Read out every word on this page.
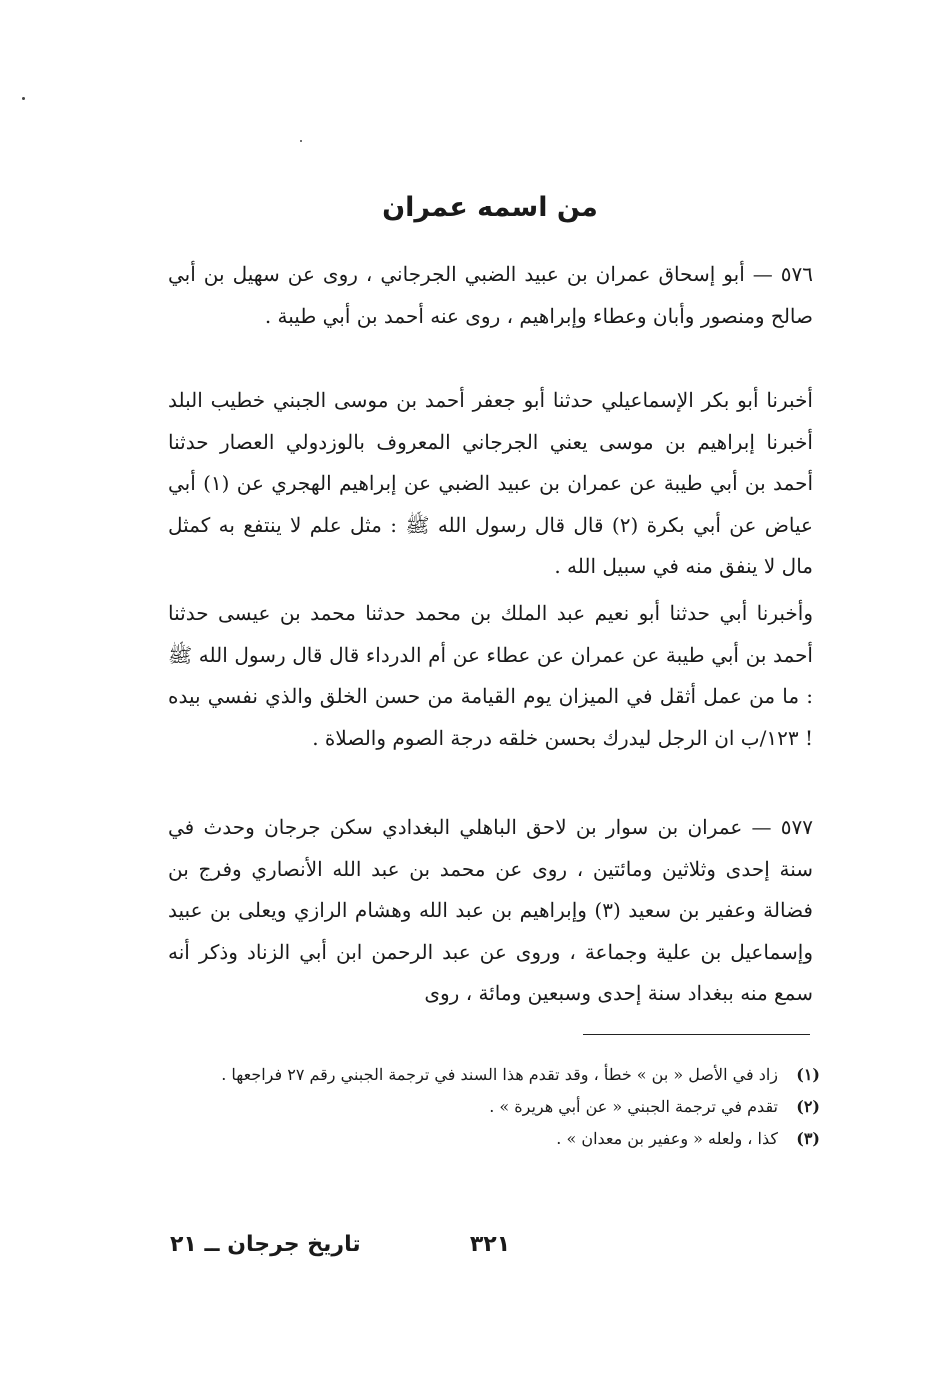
من اسمه عمران
٥٧٦ — أبو إسحاق عمران بن عبيد الضبي الجرجاني ، روى عن سهيل بن أبي صالح ومنصور وأبان وعطاء وإبراهيم ، روى عنه أحمد بن أبي طيبة .
أخبرنا أبو بكر الإسماعيلي حدثنا أبو جعفر أحمد بن موسى الجبني خطيب البلد أخبرنا إبراهيم بن موسى يعني الجرجاني المعروف بالوزدولي العصار حدثنا أحمد بن أبي طيبة عن عمران بن عبيد الضبي عن إبراهيم الهجري عن (١) أبي عياض عن أبي بكرة (٢) قال قال رسول الله ﷺ : مثل علم لا ينتفع به كمثل مال لا ينفق منه في سبيل الله .
وأخبرنا أبي حدثنا أبو نعيم عبد الملك بن محمد حدثنا محمد بن عيسى حدثنا أحمد بن أبي طيبة عن عمران عن عطاء عن أم الدرداء قال قال رسول الله ﷺ : ما من عمل أثقل في الميزان يوم القيامة من حسن الخلق والذي نفسي بيده ! ١٢٣/ب ان الرجل ليدرك بحسن خلقه درجة الصوم والصلاة .
٥٧٧ — عمران بن سوار بن لاحق الباهلي البغدادي سكن جرجان وحدث في سنة إحدى وثلاثين ومائتين ، روى عن محمد بن عبد الله الأنصاري وفرج بن فضالة وعفير بن سعيد (٣) وإبراهيم بن عبد الله وهشام الرازي ويعلى بن عبيد وإسماعيل بن علية وجماعة ، وروى عن عبد الرحمن ابن أبي الزناد وذكر أنه سمع منه ببغداد سنة إحدى وسبعين ومائة ، روى
(١)
زاد في الأصل « بن » خطأ ، وقد تقدم هذا السند في ترجمة الجبني رقم ٢٧ فراجعها .
(٢)
تقدم في ترجمة الجبني « عن أبي هريرة » .
(٣)
كذا ، ولعله « وعفير بن معدان » .
٣٢١
تاريخ جرجان ــ ٢١
